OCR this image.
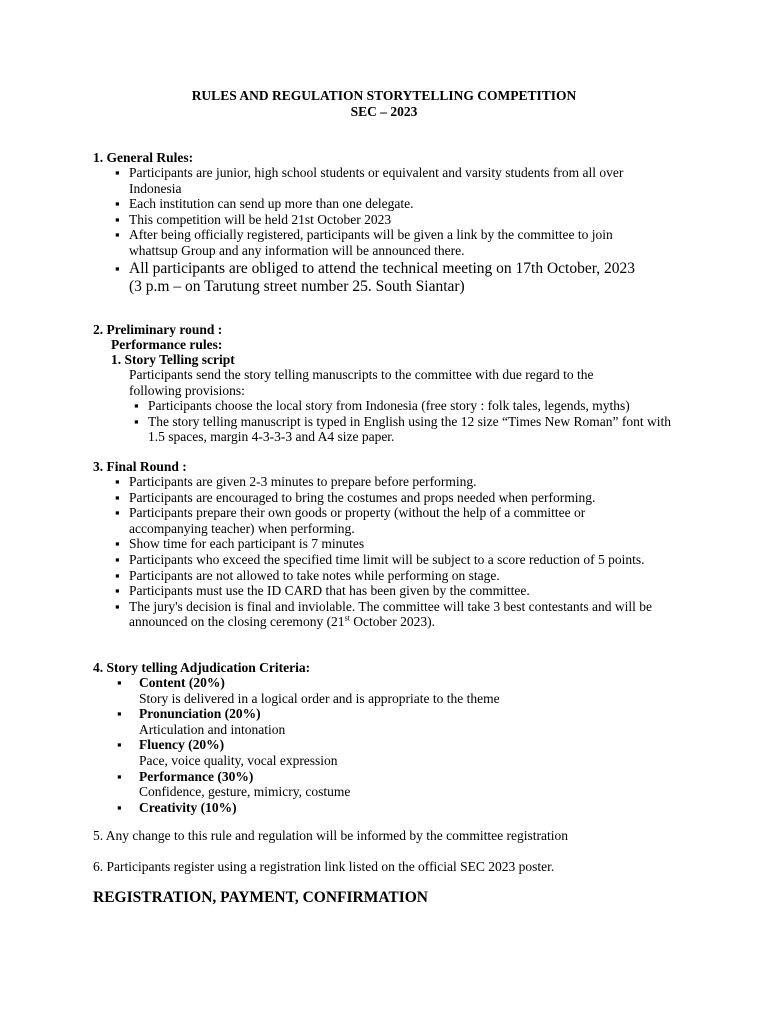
RULES AND REGULATION STORYTELLING COMPETITION
SEC – 2023
1. General Rules:
▪ Participants are junior, high school students or equivalent and varsity students from all over Indonesia
▪ Each institution can send up more than one delegate.
▪ This competition will be held 21st October 2023
▪ After being officially registered, participants will be given a link by the committee to join whattsup Group and any information will be announced there.
▪ All participants are obliged to attend the technical meeting on 17th October, 2023 (3 p.m – on Tarutung street number 25. South Siantar)
2. Preliminary round :
Performance rules:
1. Story Telling script
Participants send the story telling manuscripts to the committee with due regard to the following provisions:
▪ Participants choose the local story from Indonesia (free story : folk tales, legends, myths)
▪ The story telling manuscript is typed in English using the 12 size “Times New Roman” font with 1.5 spaces, margin 4-3-3-3 and A4 size paper.
3. Final Round :
▪ Participants are given 2-3 minutes to prepare before performing.
▪ Participants are encouraged to bring the costumes and props needed when performing.
▪ Participants prepare their own goods or property (without the help of a committee or accompanying teacher) when performing.
▪ Show time for each participant is 7 minutes
▪ Participants who exceed the specified time limit will be subject to a score reduction of 5 points.
▪ Participants are not allowed to take notes while performing on stage.
▪ Participants must use the ID CARD that has been given by the committee.
▪ The jury's decision is final and inviolable. The committee will take 3 best contestants and will be announced on the closing ceremony (21st October 2023).
4. Story telling Adjudication Criteria:
▪ Content (20%)
Story is delivered in a logical order and is appropriate to the theme
▪ Pronunciation (20%)
Articulation and intonation
▪ Fluency (20%)
Pace, voice quality, vocal expression
▪ Performance (30%)
Confidence, gesture, mimicry, costume
▪ Creativity (10%)
5. Any change to this rule and regulation will be informed by the committee registration
6. Participants register using a registration link listed on the official SEC 2023 poster.
REGISTRATION, PAYMENT, CONFIRMATION
